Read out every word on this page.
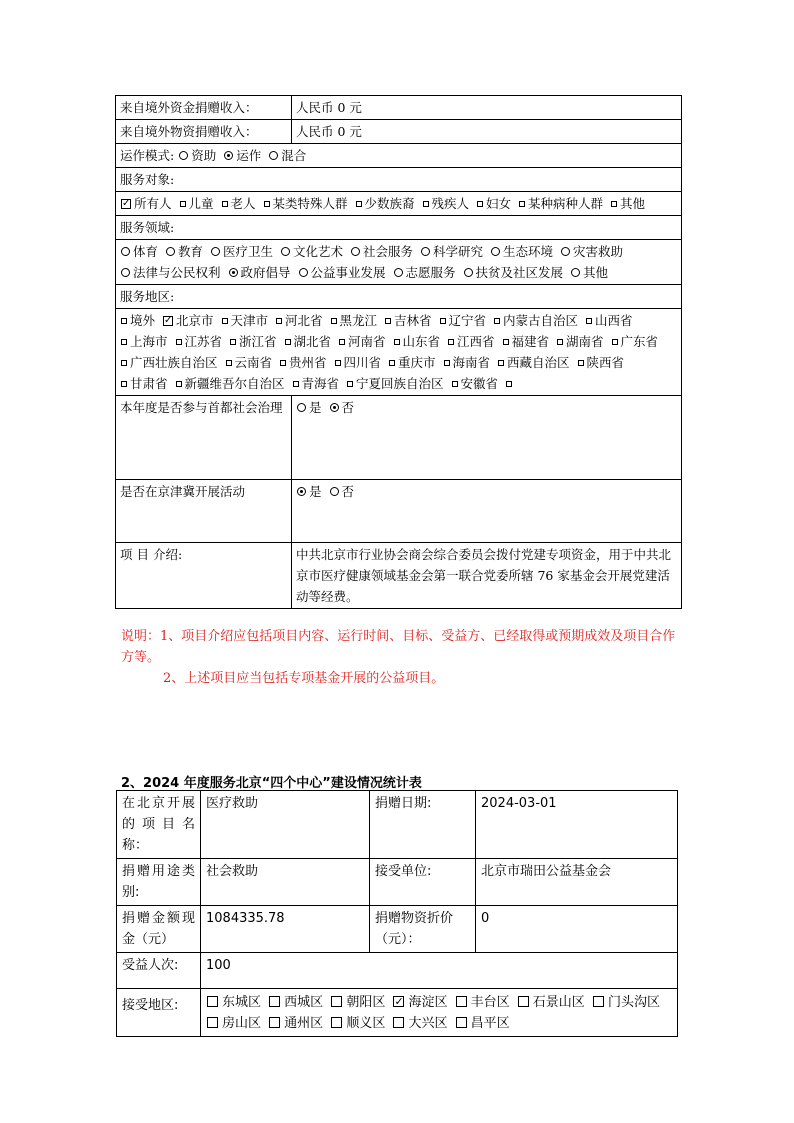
来自境外资金捐赠收入：	人民币 0 元
来自境外物资捐赠收入：	人民币 0 元
运作模式: 资助 运作 混合	
服务对象:	
✓ 所有人 儿童 老人 某类特殊人群 少数族裔 残疾人 妇女 某种病种人群 其他	
服务领域:	
体育 教育 医疗卫生 文化艺术 社会服务 科学研究 生态环境 灾害救助 法律与公民权利 政府倡导 公益事业发展 志愿服务 扶贫及社区发展 其他	
服务地区:	
境外 ✓ 北京市 天津市 河北省 黑龙江 吉林省 辽宁省 内蒙古自治区 山西省 上海市 江苏省 浙江省 湖北省 河南省 山东省 江西省 福建省 湖南省 广东省 广西壮族自治区 云南省 贵州省 四川省 重庆市 海南省 西藏自治区 陕西省 甘肃省 新疆维吾尔自治区 青海省 宁夏回族自治区 安徽省	
本年度是否参与首都社会治理	是 否
是否在京津冀开展活动	是 否
项 目 介绍:	中共北京市行业协会商会综合委员会拨付党建专项资金，用于中共北京市医疗健康领域基金会第一联合党委所辖 76 家基金会开展党建活动等经费。
说明：1、项目介绍应包括项目内容、运行时间、目标、受益方、已经取得或预期成效及项目合作方等。
2、上述项目应当包括专项基金开展的公益项目。
2、2024 年度服务北京“四个中心”建设情况统计表
在北京开展的项目名称：	医疗救助	捐赠日期:	2024-03-01
捐赠用途类别:	社会救助	接受单位:	北京市瑞田公益基金会
捐赠金额现金（元）	1084335.78	捐赠物资折价（元）：	0
受益人次:	100		
接受地区:	东城区 西城区 朝阳区 ✓ 海淀区 丰台区 石景山区 门头沟区 房山区 通州区 顺义区 大兴区 昌平区		
